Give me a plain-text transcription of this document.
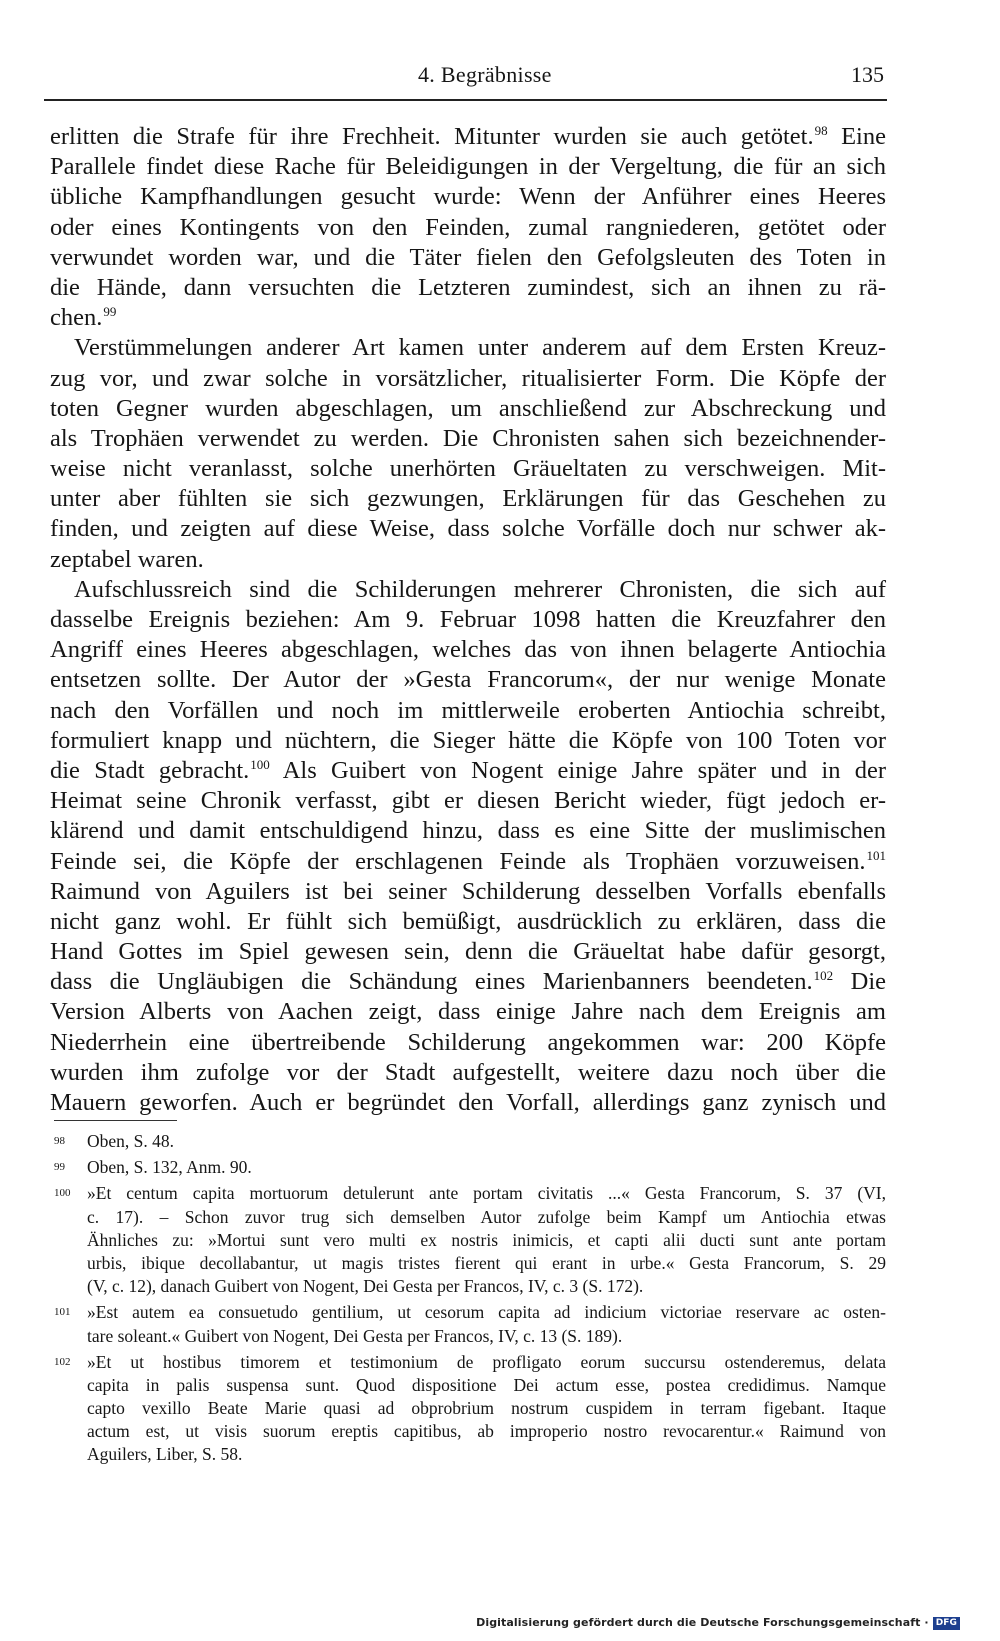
4. Begräbnisse	135
erlitten die Strafe für ihre Frechheit. Mitunter wurden sie auch getötet.$^{98}$ Eine
Parallele findet diese Rache für Beleidigungen in der Vergeltung, die für an sich
übliche Kampfhandlungen gesucht wurde: Wenn der Anführer eines Heeres
oder eines Kontingents von den Feinden, zumal rangniederen, getötet oder
verwundet worden war, und die Täter fielen den Gefolgsleuten des Toten in
die Hände, dann versuchten die Letzteren zumindest, sich an ihnen zu rä-
chen.$^{99}$
Verstümmelungen anderer Art kamen unter anderem auf dem Ersten Kreuz-
zug vor, und zwar solche in vorsätzlicher, ritualisierter Form. Die Köpfe der
toten Gegner wurden abgeschlagen, um anschließend zur Abschreckung und
als Trophäen verwendet zu werden. Die Chronisten sahen sich bezeichnender-
weise nicht veranlasst, solche unerhörten Gräueltaten zu verschweigen. Mit-
unter aber fühlten sie sich gezwungen, Erklärungen für das Geschehen zu
finden, und zeigten auf diese Weise, dass solche Vorfälle doch nur schwer ak-
zeptabel waren.
Aufschlussreich sind die Schilderungen mehrerer Chronisten, die sich auf
dasselbe Ereignis beziehen: Am 9. Februar 1098 hatten die Kreuzfahrer den
Angriff eines Heeres abgeschlagen, welches das von ihnen belagerte Antiochia
entsetzen sollte. Der Autor der »Gesta Francorum«, der nur wenige Monate
nach den Vorfällen und noch im mittlerweile eroberten Antiochia schreibt,
formuliert knapp und nüchtern, die Sieger hätte die Köpfe von 100 Toten vor
die Stadt gebracht.$^{100}$ Als Guibert von Nogent einige Jahre später und in der
Heimat seine Chronik verfasst, gibt er diesen Bericht wieder, fügt jedoch er-
klärend und damit entschuldigend hinzu, dass es eine Sitte der muslimischen
Feinde sei, die Köpfe der erschlagenen Feinde als Trophäen vorzuweisen.$^{101}$
Raimund von Aguilers ist bei seiner Schilderung desselben Vorfalls ebenfalls
nicht ganz wohl. Er fühlt sich bemüßigt, ausdrücklich zu erklären, dass die
Hand Gottes im Spiel gewesen sein, denn die Gräueltat habe dafür gesorgt,
dass die Ungläubigen die Schändung eines Marienbanners beendeten.$^{102}$ Die
Version Alberts von Aachen zeigt, dass einige Jahre nach dem Ereignis am
Niederrhein eine übertreibende Schilderung angekommen war: 200 Köpfe
wurden ihm zufolge vor der Stadt aufgestellt, weitere dazu noch über die
Mauern geworfen. Auch er begründet den Vorfall, allerdings ganz zynisch und
98 Oben, S. 48.
99 Oben, S. 132, Anm. 90.
100 »Et centum capita mortuorum detulerunt ante portam civitatis ...« Gesta Francorum, S. 37 (VI,
c. 17). – Schon zuvor trug sich demselben Autor zufolge beim Kampf um Antiochia etwas
Ähnliches zu: »Mortui sunt vero multi ex nostris inimicis, et capti alii ducti sunt ante portam
urbis, ibique decollabantur, ut magis tristes fierent qui erant in urbe.« Gesta Francorum, S. 29
(V, c. 12), danach Guibert von Nogent, Dei Gesta per Francos, IV, c. 3 (S. 172).
101 »Est autem ea consuetudo gentilium, ut cesorum capita ad indicium victoriae reservare ac osten-
tare soleant.« Guibert von Nogent, Dei Gesta per Francos, IV, c. 13 (S. 189).
102 »Et ut hostibus timorem et testimonium de profligato eorum succursu ostenderemus, delata
capita in palis suspensa sunt. Quod dispositione Dei actum esse, postea credidimus. Namque
capto vexillo Beate Marie quasi ad obprobrium nostrum cuspidem in terram figebant. Itaque
actum est, ut visis suorum ereptis capitibus, ab improperio nostro revocarentur.« Raimund von
Aguilers, Liber, S. 58.
Digitalisierung gefördert durch die Deutsche Forschungsgemeinschaft · DFG
